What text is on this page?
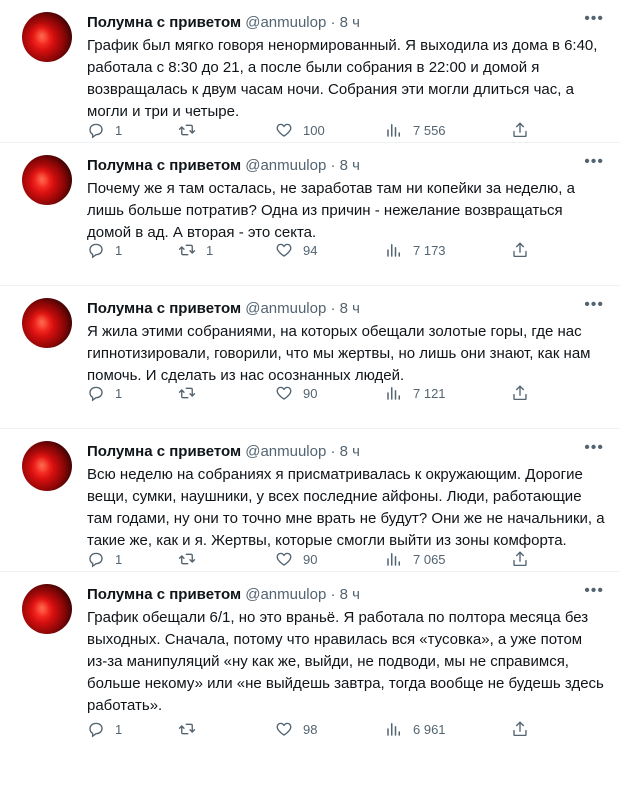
Полумна с приветом @anmuulop · 8 ч	•••
График был мягко говоря ненормированный. Я выходила из дома в 6:40, работала с 8:30 до 21, а после были собрания в 22:00 и домой я возвращалась к двум часам ночи. Собрания эти могли длиться час, а могли и три и четыре.
1	100	7 556
Полумна с приветом @anmuulop · 8 ч	•••
Почему же я там осталась, не заработав там ни копейки за неделю, а лишь больше потратив? Одна из причин - нежелание возвращаться домой в ад. А вторая - это секта.
1	1	94	7 173
Полумна с приветом @anmuulop · 8 ч	•••
Я жила этими собраниями, на которых обещали золотые горы, где нас гипнотизировали, говорили, что мы жертвы, но лишь они знают, как нам помочь. И сделать из нас осознанных людей.
1	90	7 121
Полумна с приветом @anmuulop · 8 ч	•••
Всю неделю на собраниях я присматривалась к окружающим. Дорогие вещи, сумки, наушники, у всех последние айфоны. Люди, работающие там годами, ну они то точно мне врать не будут? Они же не начальники, а такие же, как и я. Жертвы, которые смогли выйти из зоны комфорта.
1	90	7 065
Полумна с приветом @anmuulop · 8 ч	•••
График обещали 6/1, но это враньё. Я работала по полтора месяца без выходных. Сначала, потому что нравилась вся «тусовка», а уже потом из-за манипуляций «ну как же, выйди, не подводи, мы не справимся, больше некому» или «не выйдешь завтра, тогда вообще не будешь здесь работать».
1	98	6 961
